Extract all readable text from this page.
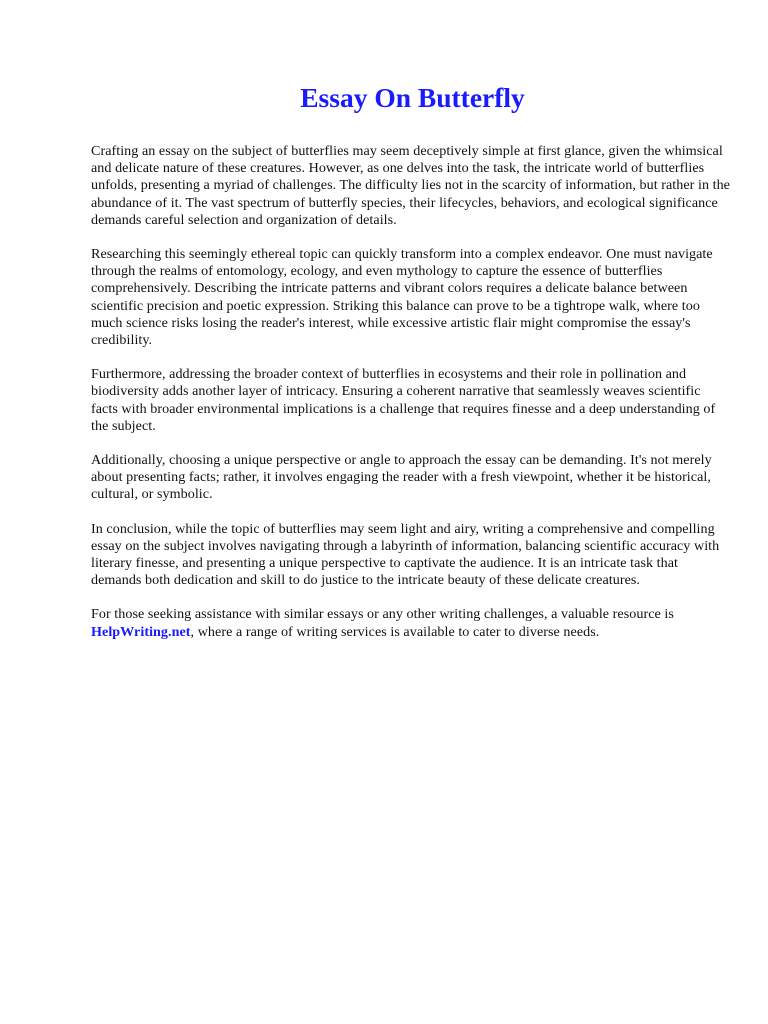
Essay On Butterfly

Crafting an essay on the subject of butterflies may seem deceptively simple at first glance, given the whimsical and delicate nature of these creatures. However, as one delves into the task, the intricate world of butterflies unfolds, presenting a myriad of challenges. The difficulty lies not in the scarcity of information, but rather in the abundance of it. The vast spectrum of butterfly species, their lifecycles, behaviors, and ecological significance demands careful selection and organization of details.

Researching this seemingly ethereal topic can quickly transform into a complex endeavor. One must navigate through the realms of entomology, ecology, and even mythology to capture the essence of butterflies comprehensively. Describing the intricate patterns and vibrant colors requires a delicate balance between scientific precision and poetic expression. Striking this balance can prove to be a tightrope walk, where too much science risks losing the reader's interest, while excessive artistic flair might compromise the essay's credibility.

Furthermore, addressing the broader context of butterflies in ecosystems and their role in pollination and biodiversity adds another layer of intricacy. Ensuring a coherent narrative that seamlessly weaves scientific facts with broader environmental implications is a challenge that requires finesse and a deep understanding of the subject.

Additionally, choosing a unique perspective or angle to approach the essay can be demanding. It's not merely about presenting facts; rather, it involves engaging the reader with a fresh viewpoint, whether it be historical, cultural, or symbolic.

In conclusion, while the topic of butterflies may seem light and airy, writing a comprehensive and compelling essay on the subject involves navigating through a labyrinth of information, balancing scientific accuracy with literary finesse, and presenting a unique perspective to captivate the audience. It is an intricate task that demands both dedication and skill to do justice to the intricate beauty of these delicate creatures.

For those seeking assistance with similar essays or any other writing challenges, a valuable resource is HelpWriting.net, where a range of writing services is available to cater to diverse needs.
